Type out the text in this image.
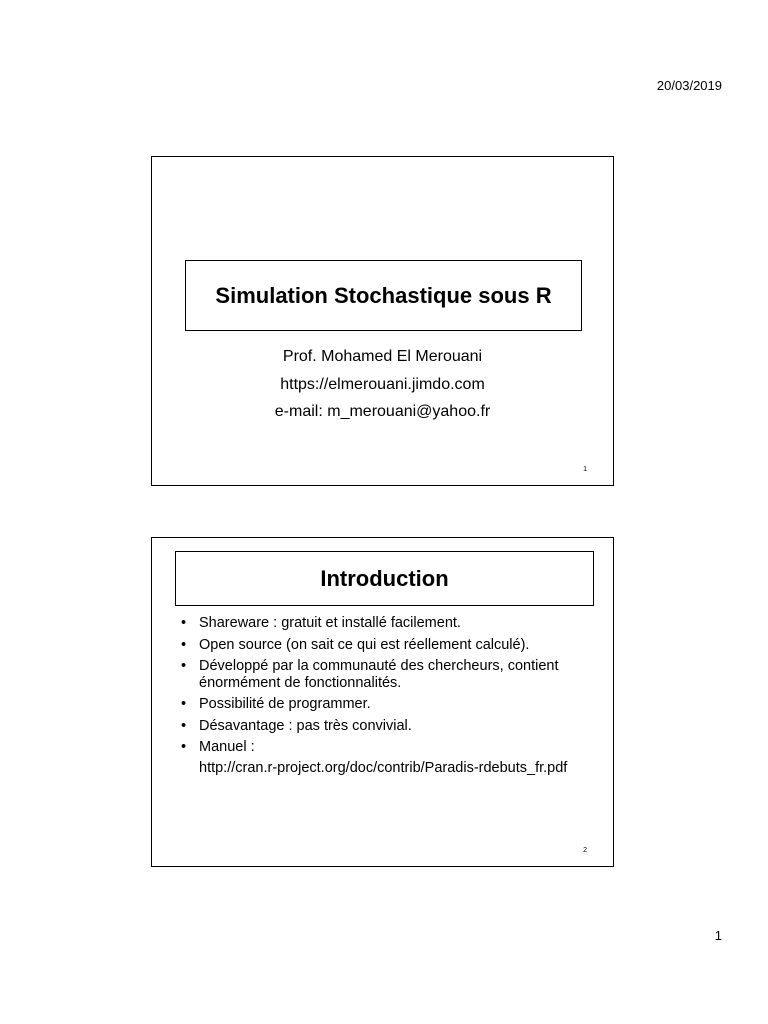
20/03/2019
Simulation Stochastique sous R
Prof. Mohamed El Merouani
https://elmerouani.jimdo.com
e-mail: m_merouani@yahoo.fr
1
Introduction
• Shareware : gratuit et installé facilement.
• Open source (on sait ce qui est réellement calculé).
• Développé par la communauté des chercheurs, contient énormément de fonctionnalités.
• Possibilité de programmer.
• Désavantage : pas très convivial.
• Manuel :
http://cran.r-project.org/doc/contrib/Paradis-rdebuts_fr.pdf
2
1
